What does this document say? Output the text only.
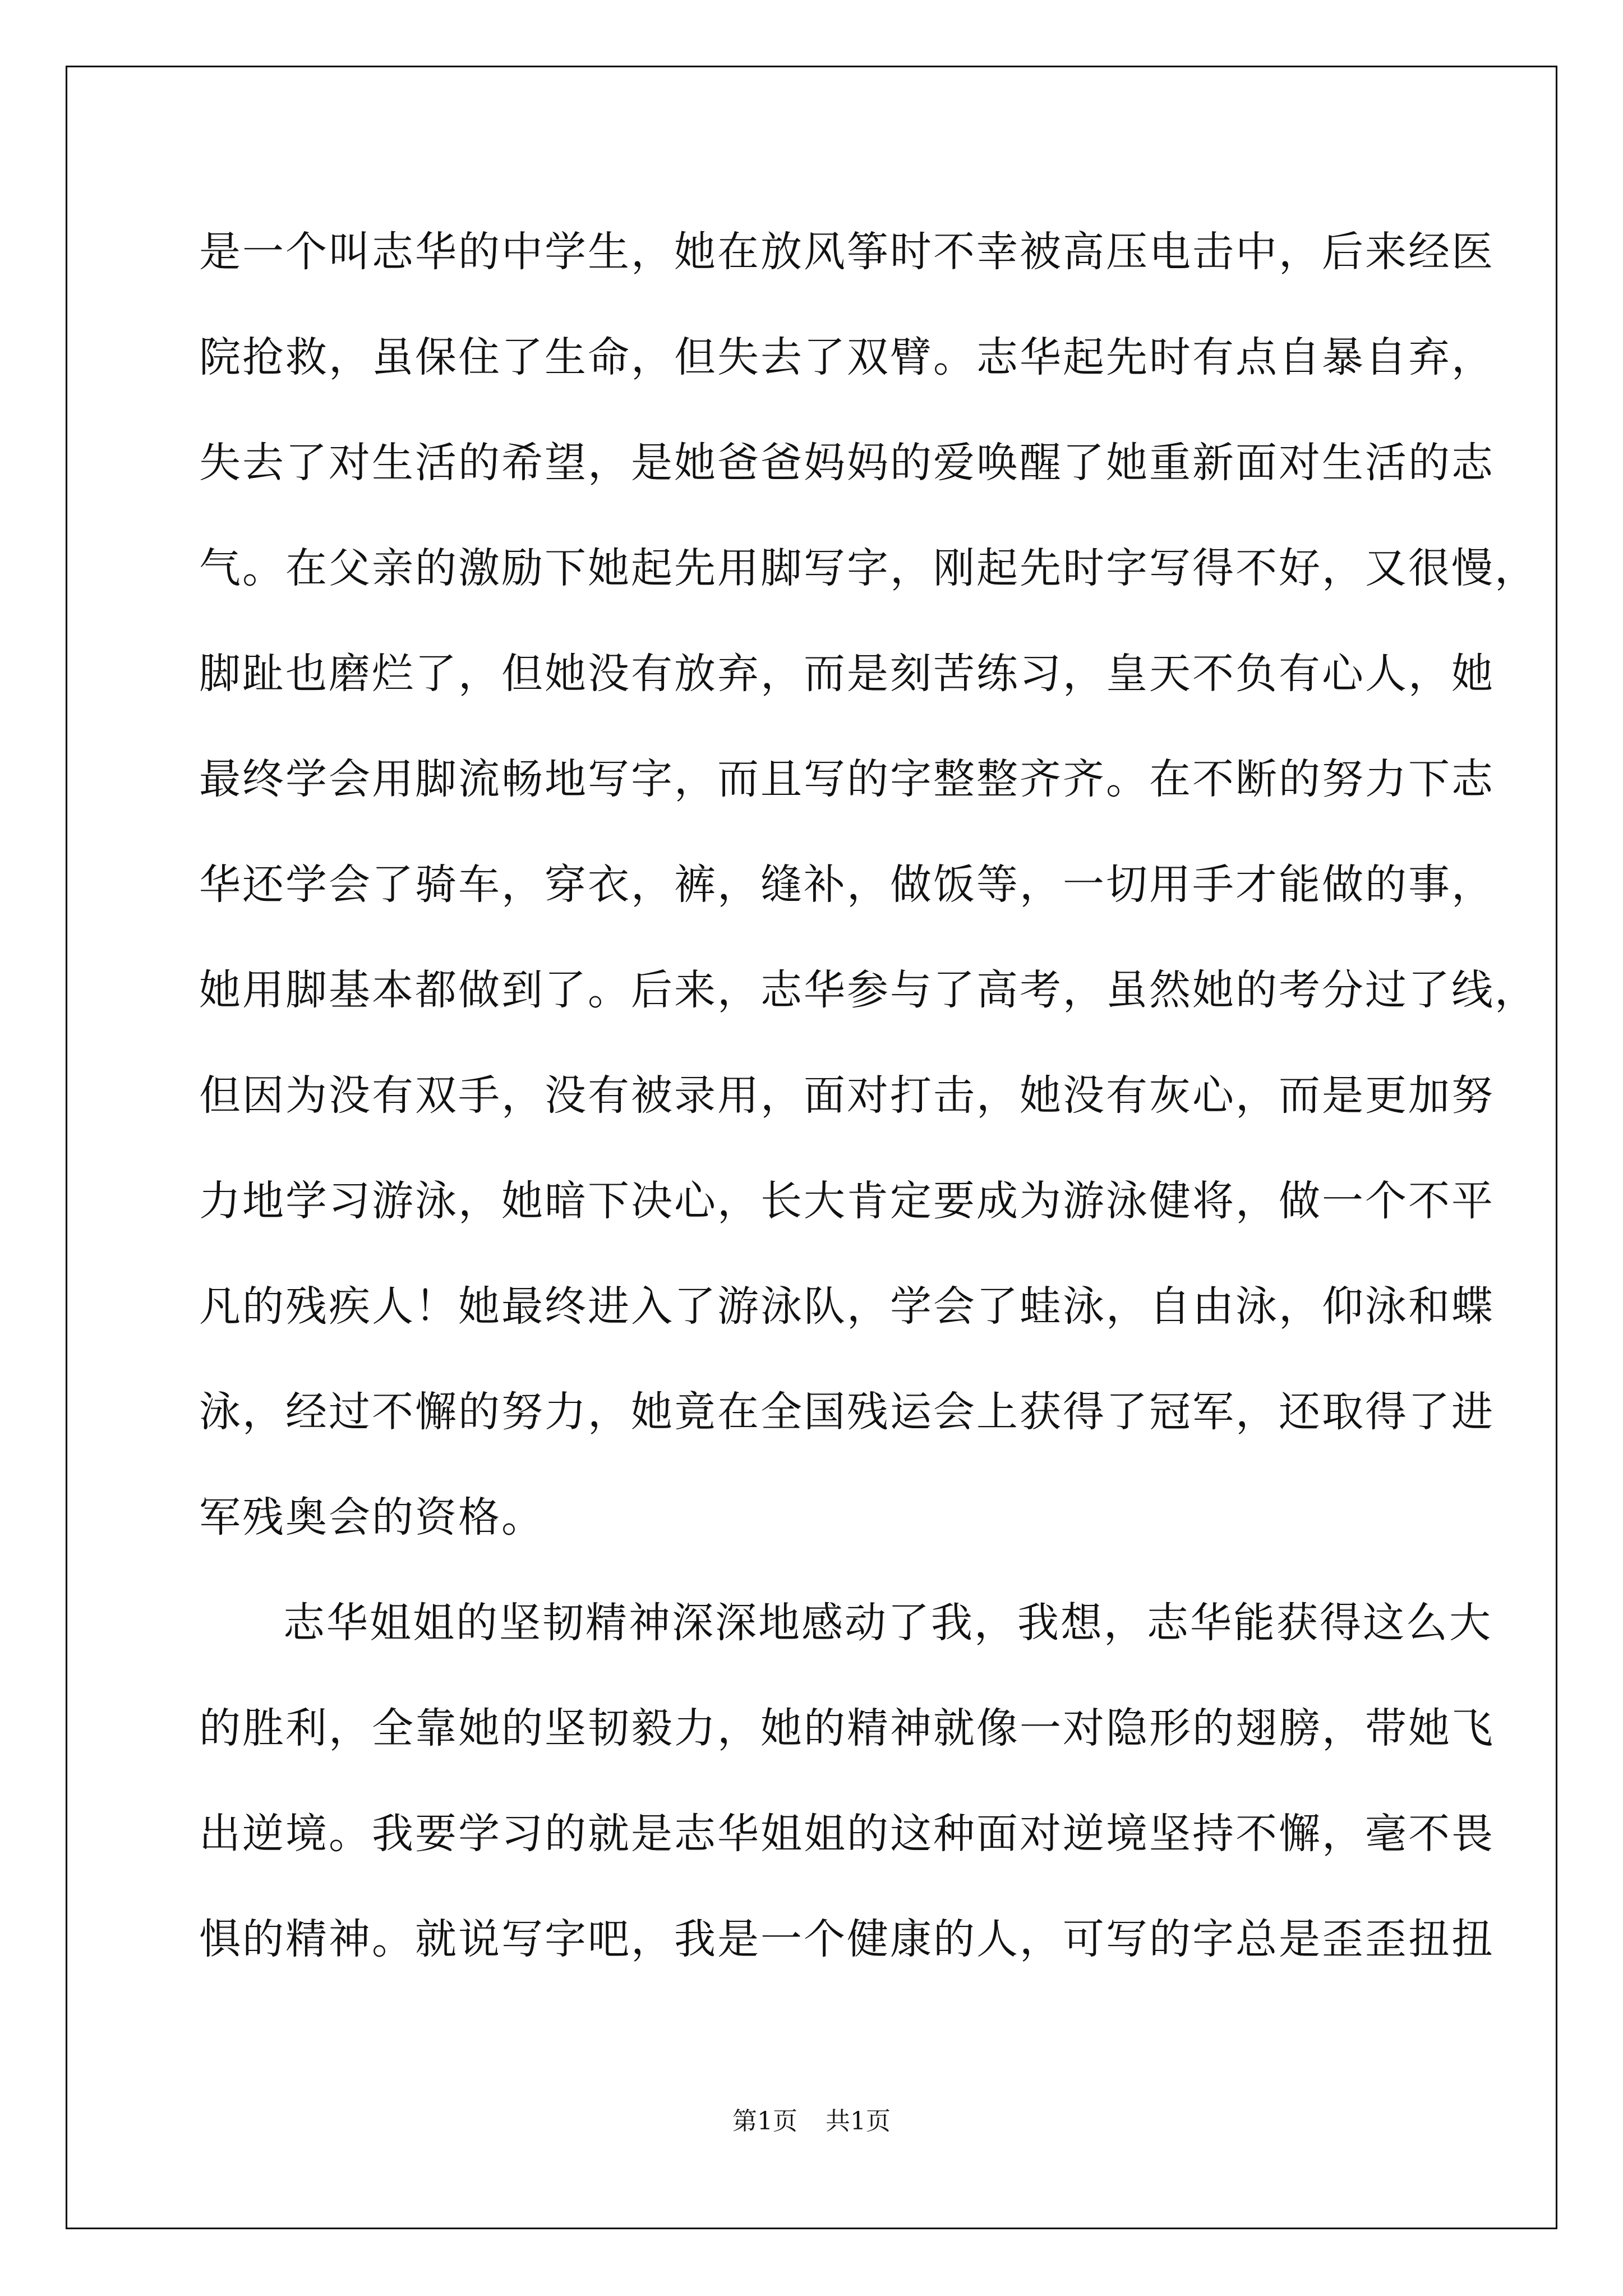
是一个叫志华的中学生，她在放风筝时不幸被高压电击中，后来经医
院抢救，虽保住了生命，但失去了双臂。志华起先时有点自暴自弃，
失去了对生活的希望，是她爸爸妈妈的爱唤醒了她重新面对生活的志
气。在父亲的激励下她起先用脚写字，刚起先时字写得不好，又很慢，
脚趾也磨烂了，但她没有放弃，而是刻苦练习，皇天不负有心人，她
最终学会用脚流畅地写字，而且写的字整整齐齐。在不断的努力下志
华还学会了骑车，穿衣，裤，缝补，做饭等，一切用手才能做的事，
她用脚基本都做到了。后来，志华参与了高考，虽然她的考分过了线，
但因为没有双手，没有被录用，面对打击，她没有灰心，而是更加努
力地学习游泳，她暗下决心，长大肯定要成为游泳健将，做一个不平
凡的残疾人！她最终进入了游泳队，学会了蛙泳，自由泳，仰泳和蝶
泳，经过不懈的努力，她竟在全国残运会上获得了冠军，还取得了进
军残奥会的资格。
志华姐姐的坚韧精神深深地感动了我，我想，志华能获得这么大
的胜利，全靠她的坚韧毅力，她的精神就像一对隐形的翅膀，带她飞
出逆境。我要学习的就是志华姐姐的这种面对逆境坚持不懈，毫不畏
惧的精神。就说写字吧，我是一个健康的人，可写的字总是歪歪扭扭
第1页 共1页
